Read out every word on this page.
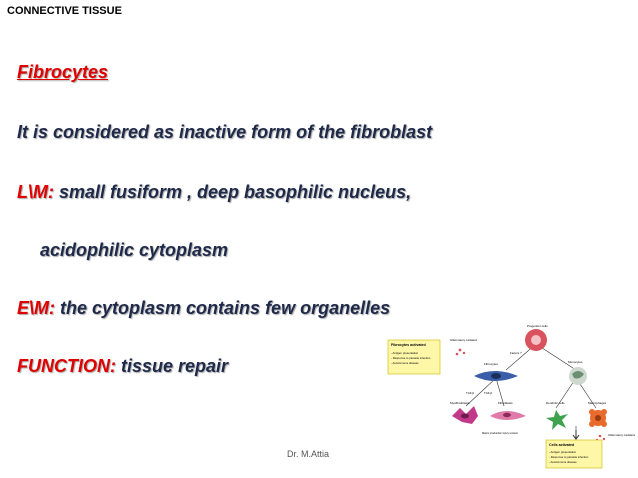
CONNECTIVE TISSUE
Fibrocytes
It is considered as inactive form of the fibroblast
L\M: small fusiform , deep basophilic nucleus,
acidophilic cytoplasm
E\M: the cytoplasm contains few organelles
FUNCTION: tissue repair
Dr. M.Attia
Fibrocytes activated
- Antigen presentation
- Response to parasite infection
- Autoimmune disease
Progenitor cells
Fibrocytes
Inflammatory mediators
Factors ?
Monocytes
TGF-β	TGF-β
Myofibroblasts	Fibroblasts
Matrix production Injury tension
Dendritic cells	Macrophages
Inflammatory mediators
Cells activated
- Antigen presentation
- Response to parasite infection
- Autoimmune disease
